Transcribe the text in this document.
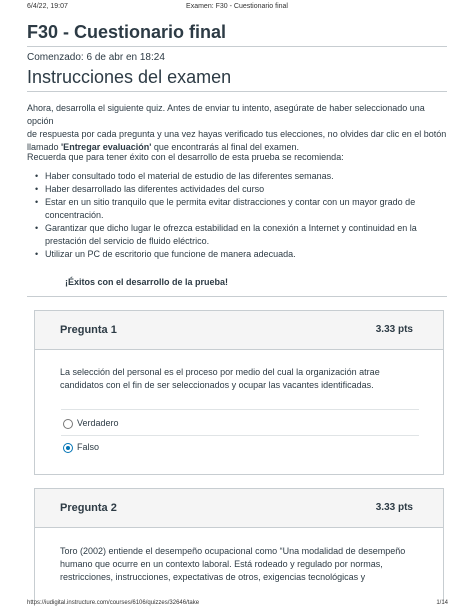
6/4/22, 19:07	Examen: F30 - Cuestionario final
F30 - Cuestionario final
Comenzado: 6 de abr en 18:24
Instrucciones del examen
Ahora, desarrolla el siguiente quiz. Antes de enviar tu intento, asegúrate de haber seleccionado una opción
de respuesta por cada pregunta y una vez hayas verificado tus elecciones, no olvides dar clic en el botón
llamado 'Entregar evaluación' que encontrarás al final del examen.
Recuerda que para tener éxito con el desarrollo de esta prueba se recomienda:
• Haber consultado todo el material de estudio de las diferentes semanas.
• Haber desarrollado las diferentes actividades del curso
• Estar en un sitio tranquilo que le permita evitar distracciones y contar con un mayor grado de concentración.
• Garantizar que dicho lugar le ofrezca estabilidad en la conexión a Internet y continuidad en la prestación del servicio de fluido eléctrico.
• Utilizar un PC de escritorio que funcione de manera adecuada.
¡Éxitos con el desarrollo de la prueba!
Pregunta 1	3.33 pts
La selección del personal es el proceso por medio del cual la organización atrae candidatos con el fin de ser seleccionados y ocupar las vacantes identificadas.
Verdadero
Falso
Pregunta 2	3.33 pts
Toro (2002) entiende el desempeño ocupacional como “Una modalidad de desempeño humano que ocurre en un contexto laboral. Está rodeado y regulado por normas, restricciones, instrucciones, expectativas de otros, exigencias tecnológicas y
https://iudigital.instructure.com/courses/6106/quizzes/32646/take	1/14
